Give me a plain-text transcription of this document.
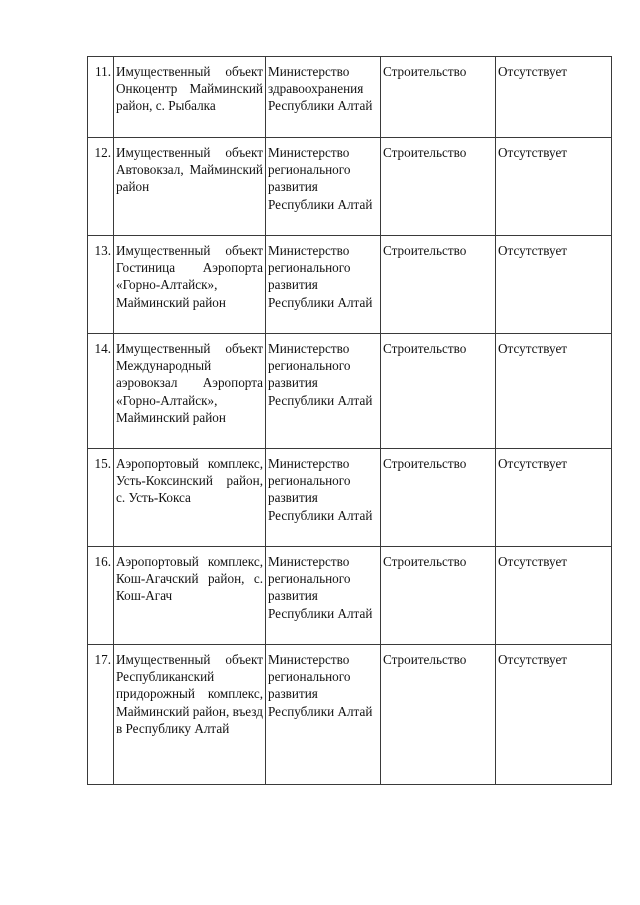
11.	Имущественный объект Онкоцентр Майминский район, с. Рыбалка	Министерство здравоохранения Республики Алтай	Строительство	Отсутствует
12.	Имущественный объект Автовокзал, Майминский район	Министерство регионального развития Республики Алтай	Строительство	Отсутствует
13.	Имущественный объект Гостиница Аэропорта «Горно-Алтайск», Майминский район	Министерство регионального развития Республики Алтай	Строительство	Отсутствует
14.	Имущественный объект Международный аэровокзал Аэропорта «Горно-Алтайск», Майминский район	Министерство регионального развития Республики Алтай	Строительство	Отсутствует
15.	Аэропортовый комплекс, Усть-Коксинский район, с. Усть-Кокса	Министерство регионального развития Республики Алтай	Строительство	Отсутствует
16.	Аэропортовый комплекс, Кош-Агачский район, с. Кош-Агач	Министерство регионального развития Республики Алтай	Строительство	Отсутствует
17.	Имущественный объект Республиканский придорожный комплекс, Майминский район, въезд в Республику Алтай	Министерство регионального развития Республики Алтай	Строительство	Отсутствует
